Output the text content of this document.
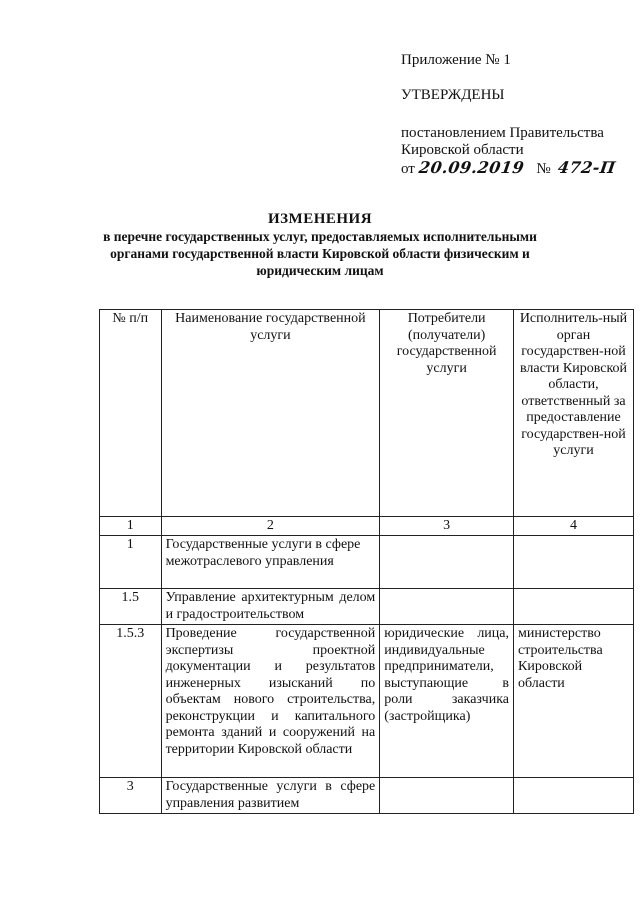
Приложение № 1
УТВЕРЖДЕНЫ
постановлением Правительства
Кировской области
от 20.09.2019 № 472-П
ИЗМЕНЕНИЯ
в перечне государственных услуг, предоставляемых исполнительными
органами государственной власти Кировской области физическим и
юридическим лицам
№ п/п	Наименование государственной услуги	Потребители (получатели) государственной услуги	Исполнитель-ный орган государствен-ной власти Кировской области, ответственный за предоставление государствен-ной услуги
1	2	3	4
1	Государственные услуги в сфере межотраслевого управления		
1.5	Управление архитектурным делом и градостроительством		
1.5.3	Проведение государственной экспертизы проектной документации и результатов инженерных изысканий по объектам нового строительства, реконструкции и капитального ремонта зданий и сооружений на территории Кировской области	юридические лица, индивидуальные предприниматели, выступающие в роли заказчика (застройщика)	министерство строительства Кировской области
3	Государственные услуги в сфере управления развитием		
